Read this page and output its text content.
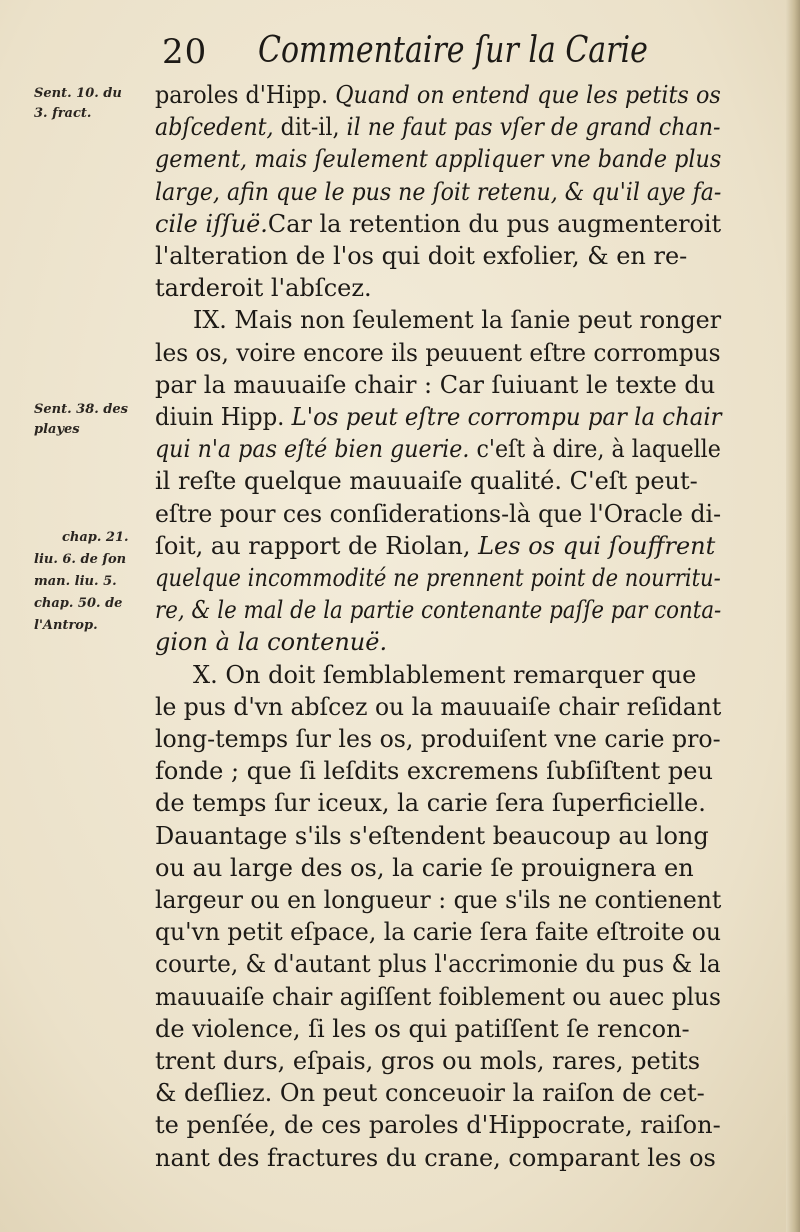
20 Commentaire ſur la Carie
Sent. 10. du
3. fract.
Sent. 38. des
playes
chap. 21.
liu. 6. de ſon
man. liu. 5.
chap. 50. de
l'Antrop.
paroles d'Hipp. Quand on entend que les petits os
abſcedent, dit-il, il ne faut pas vſer de grand chan-
gement, mais ſeulement appliquer vne bande plus
large, afin que le pus ne ſoit retenu, & qu'il aye fa-
cile iſſuë.Car la retention du pus augmenteroit
l'alteration de l'os qui doit exfolier, & en re-
tarderoit l'abſcez.
IX. Mais non ſeulement la ſanie peut ronger
les os, voire encore ils peuuent eſtre corrompus
par la mauuaiſe chair : Car ſuiuant le texte du
diuin Hipp. L'os peut eſtre corrompu par la chair
qui n'a pas eſté bien guerie. c'eſt à dire, à laquelle
il reſte quelque mauuaiſe qualité. C'eſt peut-
eſtre pour ces conſiderations-là que l'Oracle di-
ſoit, au rapport de Riolan, Les os qui ſouffrent
quelque incommodité ne prennent point de nourritu-
re, & le mal de la partie contenante paſſe par conta-
gion à la contenuë.
X. On doit ſemblablement remarquer que
le pus d'vn abſcez ou la mauuaiſe chair reſidant
long-temps ſur les os, produiſent vne carie pro-
fonde ; que ſi leſdits excremens ſubſiſtent peu
de temps ſur iceux, la carie ſera ſuperficielle.
Dauantage s'ils s'eſtendent beaucoup au long
ou au large des os, la carie ſe prouignera en
largeur ou en longueur : que s'ils ne contienent
qu'vn petit eſpace, la carie ſera faite eſtroite ou
courte, & d'autant plus l'accrimonie du pus & la
mauuaiſe chair agiſſent foiblement ou auec plus
de violence, ſi les os qui patiſſent ſe rencon-
trent durs, eſpais, gros ou mols, rares, petits
& deſliez. On peut conceuoir la raiſon de cet-
te penſée, de ces paroles d'Hippocrate, raiſon-
nant des fractures du crane, comparant les os
